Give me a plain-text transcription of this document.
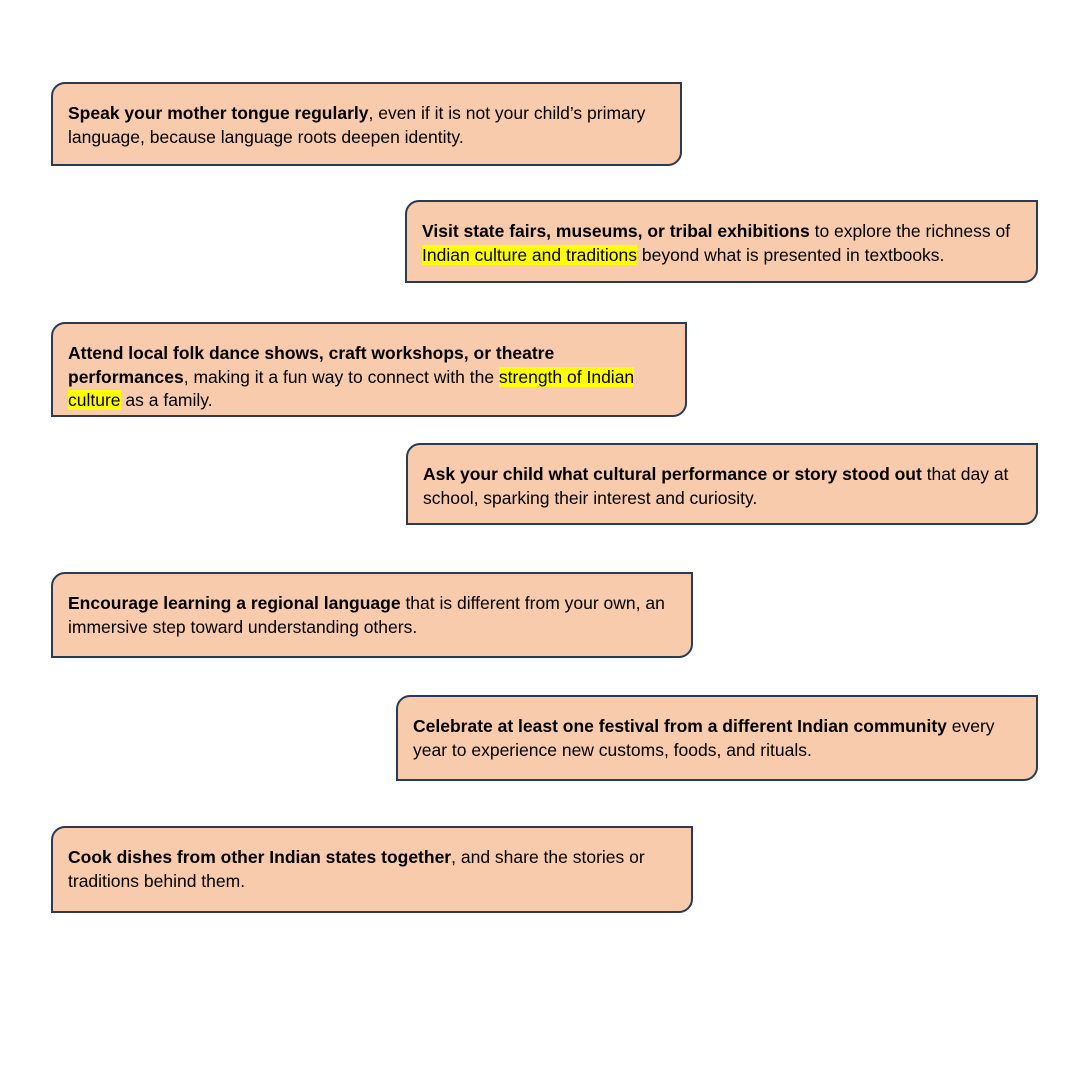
Speak your mother tongue regularly, even if it is not your child’s primary language, because language roots deepen identity.
Visit state fairs, museums, or tribal exhibitions to explore the richness of Indian culture and traditions beyond what is presented in textbooks.
Attend local folk dance shows, craft workshops, or theatre performances, making it a fun way to connect with the strength of Indian culture as a family.
Ask your child what cultural performance or story stood out that day at school, sparking their interest and curiosity.
Encourage learning a regional language that is different from your own, an immersive step toward understanding others.
Celebrate at least one festival from a different Indian community every year to experience new customs, foods, and rituals.
Cook dishes from other Indian states together, and share the stories or traditions behind them.
